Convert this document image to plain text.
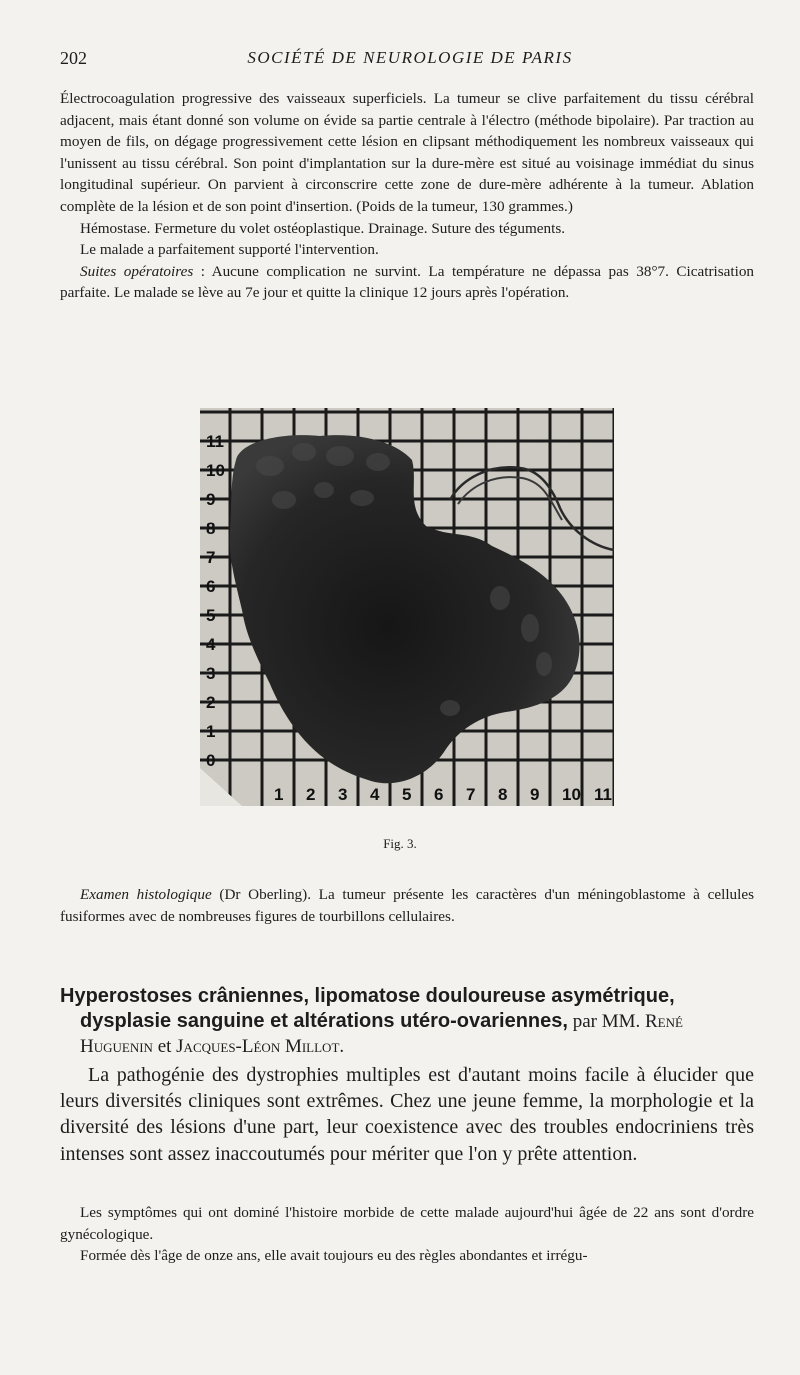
202	SOCIÉTÉ DE NEUROLOGIE DE PARIS

Électrocoagulation progressive des vaisseaux superficiels. La tumeur se clive parfaitement du tissu cérébral adjacent, mais étant donné son volume on évide sa partie centrale à l'électro (méthode bipolaire). Par traction au moyen de fils, on dégage progressivement cette lésion en clipsant méthodiquement les nombreux vaisseaux qui l'unissent au tissu cérébral. Son point d'implantation sur la dure-mère est situé au voisinage immédiat du sinus longitudinal supérieur. On parvient à circonscrire cette zone de dure-mère adhérente à la tumeur. Ablation complète de la lésion et de son point d'insertion. (Poids de la tumeur, 130 grammes.)

Hémostase. Fermeture du volet ostéoplastique. Drainage. Suture des téguments.

Le malade a parfaitement supporté l'intervention.

Suites opératoires : Aucune complication ne survint. La température ne dépassa pas 38°7. Cicatrisation parfaite. Le malade se lève au 7e jour et quitte la clinique 12 jours après l'opération.

11
10
9
8
7
6
5
4
3
2
1
0
1 2 3 4 5 6 7 8 9 10 11
Fig. 3.

Examen histologique (Dr Oberling). La tumeur présente les caractères d'un méningoblastome à cellules fusiformes avec de nombreuses figures de tourbillons cellulaires.

Hyperostoses crâniennes, lipomatose douloureuse asymétrique,
dysplasie sanguine et altérations utéro-ovariennes, par MM. René Huguenin et Jacques-Léon Millot.

La pathogénie des dystrophies multiples est d'autant moins facile à élucider que leurs diversités cliniques sont extrêmes. Chez une jeune femme, la morphologie et la diversité des lésions d'une part, leur coexistence avec des troubles endocriniens très intenses sont assez inaccoutumés pour mériter que l'on y prête attention.

Les symptômes qui ont dominé l'histoire morbide de cette malade aujourd'hui âgée de 22 ans sont d'ordre gynécologique.

Formée dès l'âge de onze ans, elle avait toujours eu des règles abondantes et irrégu-
